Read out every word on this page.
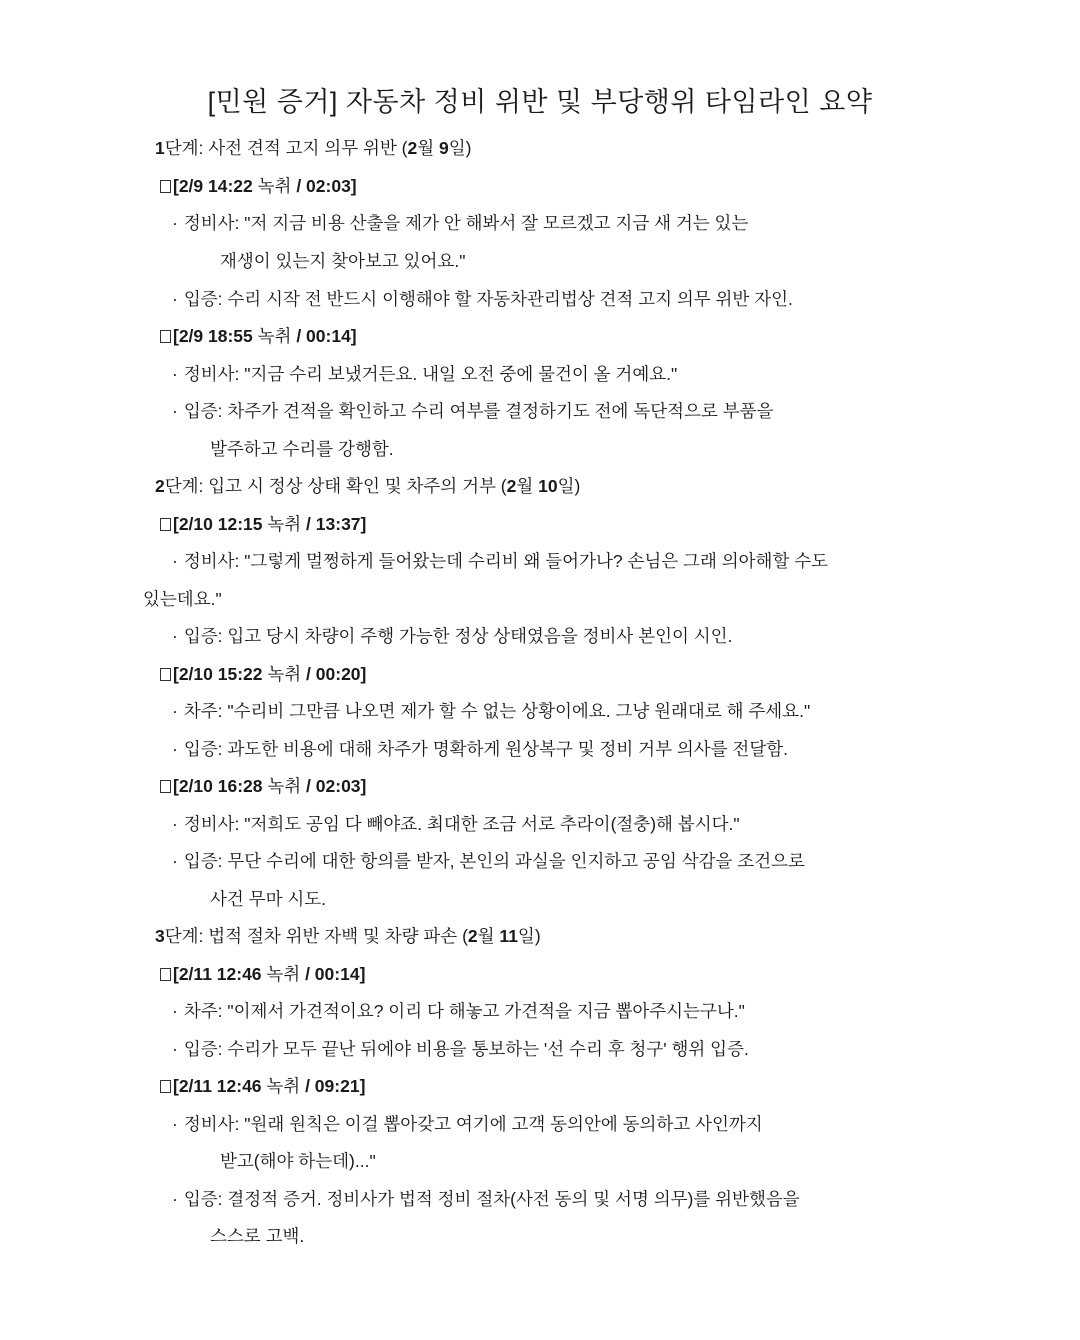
[민원 증거] 자동차 정비 위반 및 부당행위 타임라인 요약
1단계: 사전 견적 고지 의무 위반 (2월 9일)
[2/9 14:22 녹취 / 02:03]
· 정비사: "저 지금 비용 산출을 제가 안 해봐서 잘 모르겠고 지금 새 거는 있는
재생이 있는지 찾아보고 있어요."
· 입증: 수리 시작 전 반드시 이행해야 할 자동차관리법상 견적 고지 의무 위반 자인.
[2/9 18:55 녹취 / 00:14]
· 정비사: "지금 수리 보냈거든요. 내일 오전 중에 물건이 올 거예요."
· 입증: 차주가 견적을 확인하고 수리 여부를 결정하기도 전에 독단적으로 부품을
발주하고 수리를 강행함.
2단계: 입고 시 정상 상태 확인 및 차주의 거부 (2월 10일)
[2/10 12:15 녹취 / 13:37]
· 정비사: "그렇게 멀쩡하게 들어왔는데 수리비 왜 들어가나? 손님은 그래 의아해할 수도
있는데요."
· 입증: 입고 당시 차량이 주행 가능한 정상 상태였음을 정비사 본인이 시인.
[2/10 15:22 녹취 / 00:20]
· 차주: "수리비 그만큼 나오면 제가 할 수 없는 상황이에요. 그냥 원래대로 해 주세요."
· 입증: 과도한 비용에 대해 차주가 명확하게 원상복구 및 정비 거부 의사를 전달함.
[2/10 16:28 녹취 / 02:03]
· 정비사: "저희도 공임 다 빼야죠. 최대한 조금 서로 추라이(절충)해 봅시다."
· 입증: 무단 수리에 대한 항의를 받자, 본인의 과실을 인지하고 공임 삭감을 조건으로
사건 무마 시도.
3단계: 법적 절차 위반 자백 및 차량 파손 (2월 11일)
[2/11 12:46 녹취 / 00:14]
· 차주: "이제서 가견적이요? 이리 다 해놓고 가견적을 지금 뽑아주시는구나."
· 입증: 수리가 모두 끝난 뒤에야 비용을 통보하는 '선 수리 후 청구' 행위 입증.
[2/11 12:46 녹취 / 09:21]
· 정비사: "원래 원칙은 이걸 뽑아갖고 여기에 고객 동의안에 동의하고 사인까지
받고(해야 하는데)..."
· 입증: 결정적 증거. 정비사가 법적 정비 절차(사전 동의 및 서명 의무)를 위반했음을
스스로 고백.
